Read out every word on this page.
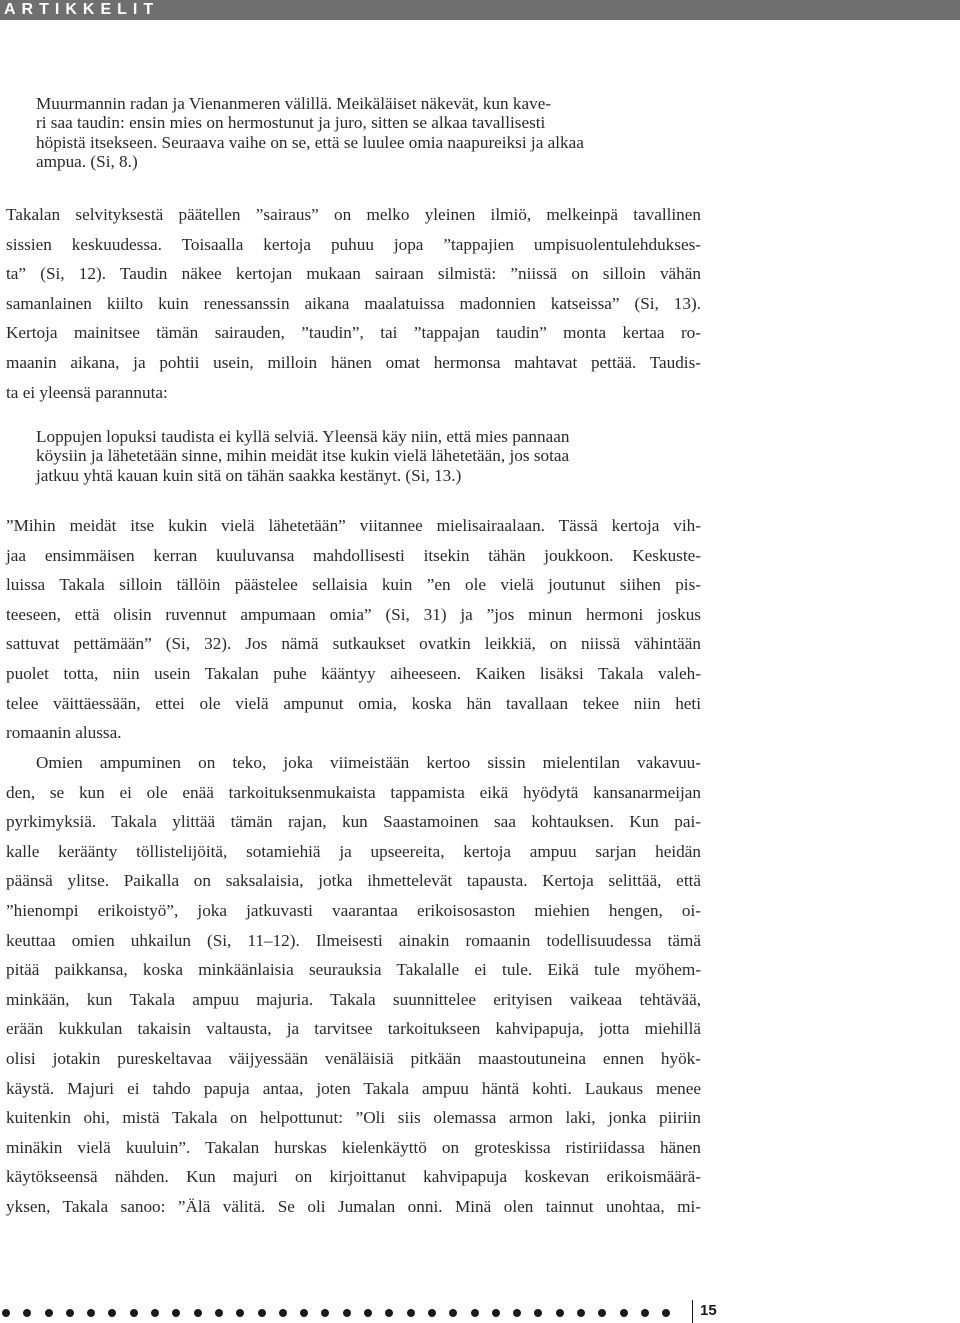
ARTIKKELIT

Muurmannin radan ja Vienanmeren välillä. Meikäläiset näkevät, kun kave-

ri saa taudin: ensin mies on hermostunut ja juro, sitten se alkaa tavallisesti

höpistä itsekseen. Seuraava vaihe on se, että se luulee omia naapureiksi ja alkaa

ampua. (Si, 8.)

Takalan selvityksestä päätellen ”sairaus” on melko yleinen ilmiö, melkeinpä tavallinen
sissien keskuudessa. Toisaalla kertoja puhuu jopa ”tappajien umpisuolentulehdukses-
ta” (Si, 12). Taudin näkee kertojan mukaan sairaan silmistä: ”niissä on silloin vähän
samanlainen kiilto kuin renessanssin aikana maalatuissa madonnien katseissa” (Si, 13).
Kertoja mainitsee tämän sairauden, ”taudin”, tai ”tappajan taudin” monta kertaa ro-
maanin aikana, ja pohtii usein, milloin hänen omat hermonsa mahtavat pettää. Taudis-
ta ei yleensä parannuta:

Loppujen lopuksi taudista ei kyllä selviä. Yleensä käy niin, että mies pannaan

köysiin ja lähetetään sinne, mihin meidät itse kukin vielä lähetetään, jos sotaa

jatkuu yhtä kauan kuin sitä on tähän saakka kestänyt. (Si, 13.)

”Mihin meidät itse kukin vielä lähetetään” viitannee mielisairaalaan. Tässä kertoja vih-
jaa ensimmäisen kerran kuuluvansa mahdollisesti itsekin tähän joukkoon. Keskuste-
luissa Takala silloin tällöin päästelee sellaisia kuin ”en ole vielä joutunut siihen pis-
teeseen, että olisin ruvennut ampumaan omia” (Si, 31) ja ”jos minun hermoni joskus
sattuvat pettämään” (Si, 32). Jos nämä sutkaukset ovatkin leikkiä, on niissä vähintään
puolet totta, niin usein Takalan puhe kääntyy aiheeseen. Kaiken lisäksi Takala valeh-
telee väittäessään, ettei ole vielä ampunut omia, koska hän tavallaan tekee niin heti
romaanin alussa.
Omien ampuminen on teko, joka viimeistään kertoo sissin mielentilan vakavuu-
den, se kun ei ole enää tarkoituksenmukaista tappamista eikä hyödytä kansanarmeijan
pyrkimyksiä. Takala ylittää tämän rajan, kun Saastamoinen saa kohtauksen. Kun pai-
kalle keräänty töllistelijöitä, sotamiehiä ja upseereita, kertoja ampuu sarjan heidän
päänsä ylitse. Paikalla on saksalaisia, jotka ihmettelevät tapausta. Kertoja selittää, että
”hienompi erikoistyö”, joka jatkuvasti vaarantaa erikoisosaston miehien hengen, oi-
keuttaa omien uhkailun (Si, 11–12). Ilmeisesti ainakin romaanin todellisuudessa tämä
pitää paikkansa, koska minkäänlaisia seurauksia Takalalle ei tule. Eikä tule myöhem-
minkään, kun Takala ampuu majuria. Takala suunnittelee erityisen vaikeaa tehtävää,
erään kukkulan takaisin valtausta, ja tarvitsee tarkoitukseen kahvipapuja, jotta miehillä
olisi jotakin pureskeltavaa väijyessään venäläisiä pitkään maastoutuneina ennen hyök-
käystä. Majuri ei tahdo papuja antaa, joten Takala ampuu häntä kohti. Laukaus menee
kuitenkin ohi, mistä Takala on helpottunut: ”Oli siis olemassa armon laki, jonka piiriin
minäkin vielä kuuluin”. Takalan hurskas kielenkäyttö on groteskissa ristiriidassa hänen
käytökseensä nähden. Kun majuri on kirjoittanut kahvipapuja koskevan erikoismäärä-
yksen, Takala sanoo: ”Älä välitä. Se oli Jumalan onni. Minä olen tainnut unohtaa, mi-
15
